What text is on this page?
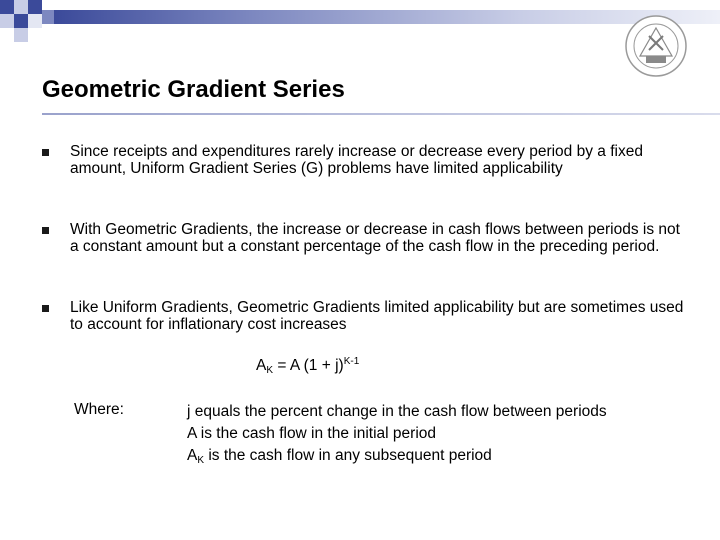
Geometric Gradient Series

Since receipts and expenditures rarely increase or decrease every period by a fixed amount, Uniform Gradient Series (G) problems have limited applicability

With Geometric Gradients, the increase or decrease in cash flows between periods is not a constant amount but a constant percentage of the cash flow in the preceding period.

Like Uniform Gradients, Geometric Gradients limited applicability but are sometimes used to account for inflationary cost increases

$A_K = A$ $(1 + j)^{K-1}$
Where:	j equals the percent change in the cash flow between periods
A is the cash flow in the initial period
$A_K$ is the cash flow in any subsequent period
